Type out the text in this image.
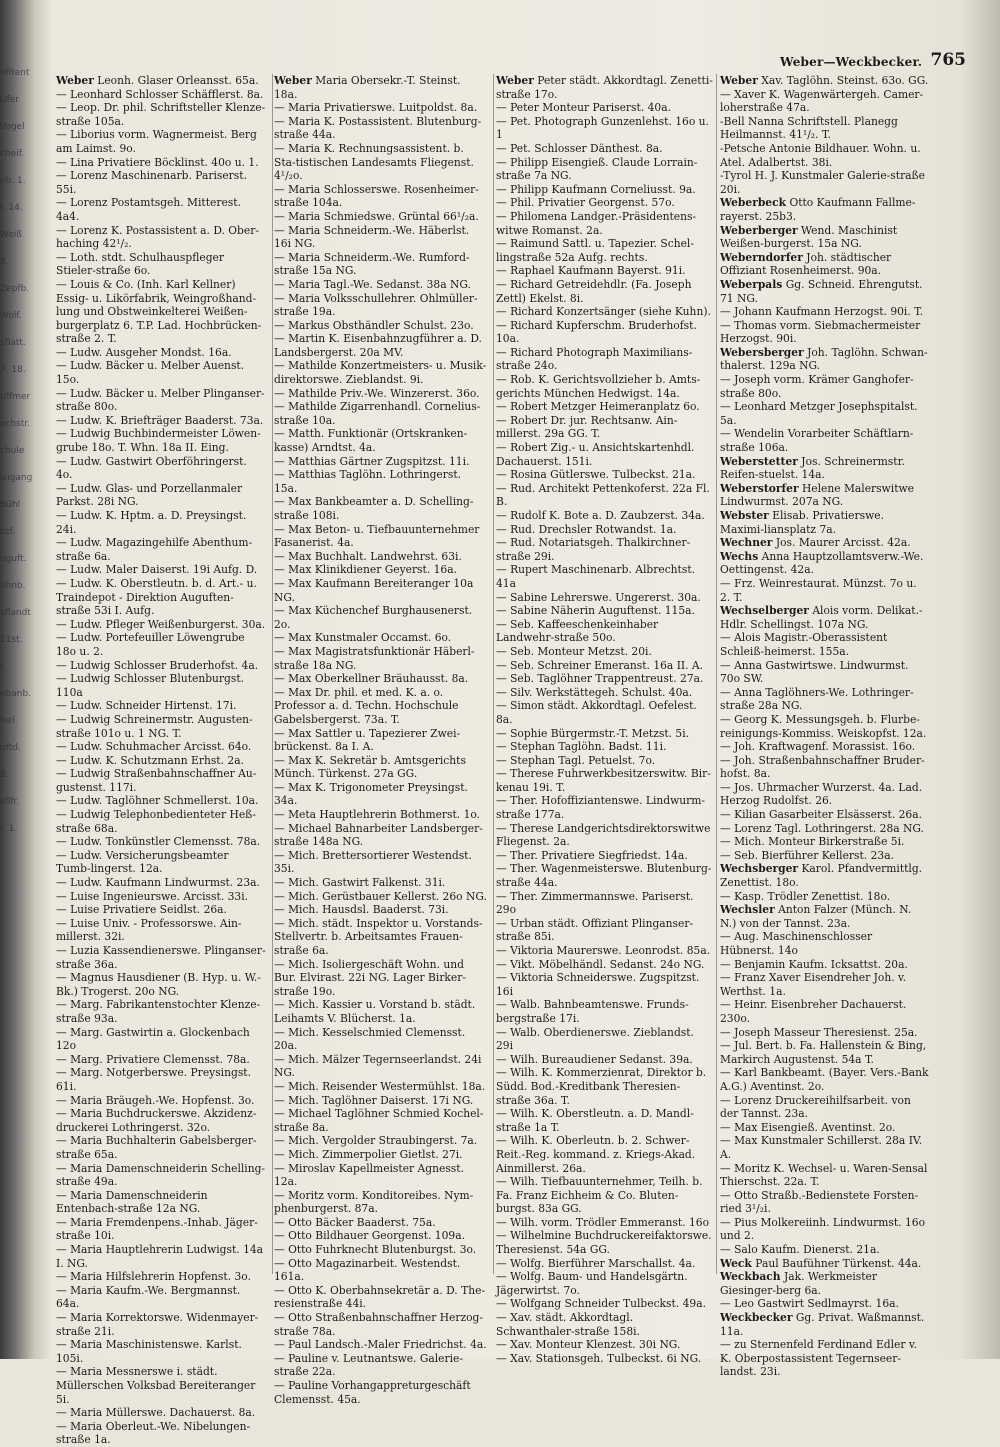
ofitent
Ufer
Vogel
cheif.
eb. 1.
I. 14.
Weiß
8.
Zepfb.
Wolf.
sflatt.
7. 18.
Ulfmer
ochstr.
chule
isigang
Bühl
zzf.
uguft.
ahnb.
sflandt
11st.
I.
ebanb.
frei.
uftd.
8.
sflfr.
r. 1.
Weber—Weckbecker. 765

Weber Leonh. Glaser Orleansst. 65a.

— Leonhard Schlosser Schäfflerst. 8a.

— Leop. Dr. phil. Schriftsteller Klenze-straße 105a.

— Liborius vorm. Wagnermeist. Berg am Laimst. 9o.

— Lina Privatiere Böcklinst. 40o u. 1.

— Lorenz Maschinenarb. Pariserst. 55i.

— Lorenz Postamtsgeh. Mitterest. 4a4.

— Lorenz K. Postassistent a. D. Ober-haching 42¹/₂.

— Loth. stdt. Schulhauspfleger Stieler-straße 6o.

— Louis & Co. (Inh. Karl Kellner) Essig- u. Likörfabrik, Weingroßhand-lung und Obstweinkelterei Weißen-burgerplatz 6. T.P. Lad. Hochbrücken-straße 2. T.

— Ludw. Ausgeher Mondst. 16a.

— Ludw. Bäcker u. Melber Auenst. 15o.

— Ludw. Bäcker u. Melber Plinganser-straße 80o.

— Ludw. K. Briefträger Baaderst. 73a.

— Ludwig Buchbindermeister Löwen-grube 18o. T. Whn. 18a II. Eing.

— Ludw. Gastwirt Oberföhringerst. 4o.

— Ludw. Glas- und Porzellanmaler Parkst. 28i NG.

— Ludw. K. Hptm. a. D. Preysingst. 24i.

— Ludw. Magazingehilfe Abenthum-straße 6a.

— Ludw. Maler Daiserst. 19i Aufg. D.

— Ludw. K. Oberstleutn. b. d. Art.- u. Traindepot - Direktion Auguften-straße 53i I. Aufg.

— Ludw. Pfleger Weißenburgerst. 30a.

— Ludw. Portefeuiller Löwengrube 18o u. 2.

— Ludwig Schlosser Bruderhofst. 4a.

— Ludwig Schlosser Blutenburgst. 110a

— Ludw. Schneider Hirtenst. 17i.

— Ludwig Schreinermstr. Augusten-straße 101o u. 1 NG. T.

— Ludw. Schuhmacher Arcisst. 64o.

— Ludw. K. Schutzmann Erhst. 2a.

— Ludwig Straßenbahnschaffner Au-gustenst. 117i.

— Ludw. Taglöhner Schmellerst. 10a.

— Ludwig Telephonbedienteter Heß-straße 68a.

— Ludw. Tonkünstler Clemensst. 78a.

— Ludw. Versicherungsbeamter Tumb-lingerst. 12a.

— Ludw. Kaufmann Lindwurmst. 23a.

— Luise Ingenieurswe. Arcisst. 33i.

— Luise Privatiere Seidlst. 26a.

— Luise Univ. - Professorswe. Ain-millerst. 32i.

— Luzia Kassendienerswe. Plinganser-straße 36a.

— Magnus Hausdiener (B. Hyp. u. W.-Bk.) Trogerst. 20o NG.

— Marg. Fabrikantenstochter Klenze-straße 93a.

— Marg. Gastwirtin a. Glockenbach 12o

— Marg. Privatiere Clemensst. 78a.

— Marg. Notgerberswe. Preysingst. 61i.

— Maria Bräugeh.-We. Hopfenst. 3o.

— Maria Buchdruckerswe. Akzidenz-druckerei Lothringerst. 32o.

— Maria Buchhalterin Gabelsberger-straße 65a.

— Maria Damenschneiderin Schelling-straße 49a.

— Maria Damenschneiderin Entenbach-straße 12a NG.

— Maria Fremdenpens.-Inhab. Jäger-straße 10i.

— Maria Hauptlehrerin Ludwigst. 14a I. NG.

— Maria Hilfslehrerin Hopfenst. 3o.

— Maria Kaufm.-We. Bergmannst. 64a.

— Maria Korrektorswe. Widenmayer-straße 21i.

— Maria Maschinistenswe. Karlst. 105i.

— Maria Messnerswe i. städt. Müllerschen Volksbad Bereiteranger 5i.

— Maria Müllerswe. Dachauerst. 8a.

— Maria Oberleut.-We. Nibelungen-straße 1a.

Weber Maria Obersekr.-T. Steinst. 18a.

— Maria Privatierswe. Luitpoldst. 8a.

— Maria K. Postassistent. Blutenburg-straße 44a.

— Maria K. Rechnungsassistent. b. Sta-tistischen Landesamts Fliegenst. 4¹/₂o.

— Maria Schlosserswe. Rosenheimer-straße 104a.

— Maria Schmiedswe. Grüntal 66¹/₂a.

— Maria Schneiderm.-We. Häberlst. 16i NG.

— Maria Schneiderm.-We. Rumford-straße 15a NG.

— Maria Tagl.-We. Sedanst. 38a NG.

— Maria Volksschullehrer. Ohlmüller-straße 19a.

— Markus Obsthändler Schulst. 23o.

— Martin K. Eisenbahnzugführer a. D. Landsbergerst. 20a MV.

— Mathilde Konzertmeisters- u. Musik-direktorswe. Zieblandst. 9i.

— Mathilde Priv.-We. Winzererst. 36o.

— Mathilde Zigarrenhandl. Cornelius-straße 10a.

— Matth. Funktionär (Ortskranken-kasse) Arndtst. 4a.

— Matthias Gärtner Zugspitzst. 11i.

— Matthias Taglöhn. Lothringerst. 15a.

— Max Bankbeamter a. D. Schelling-straße 108i.

— Max Beton- u. Tiefbauunternehmer Fasanerist. 4a.

— Max Buchhalt. Landwehrst. 63i.

— Max Klinikdiener Geyerst. 16a.

— Max Kaufmann Bereiteranger 10a NG.

— Max Küchenchef Burghausenerst. 2o.

— Max Kunstmaler Occamst. 6o.

— Max Magistratsfunktionär Häberl-straße 18a NG.

— Max Oberkellner Bräuhausst. 8a.

— Max Dr. phil. et med. K. a. o. Professor a. d. Techn. Hochschule Gabelsbergerst. 73a. T.

— Max Sattler u. Tapezierer Zwei-brückenst. 8a I. A.

— Max K. Sekretär b. Amtsgerichts Münch. Türkenst. 27a GG.

— Max K. Trigonometer Preysingst. 34a.

— Meta Hauptlehrerin Bothmerst. 1o.

— Michael Bahnarbeiter Landsberger-straße 148a NG.

— Mich. Brettersortierer Westendst. 35i.

— Mich. Gastwirt Falkenst. 31i.

— Mich. Gerüstbauer Kellerst. 26o NG.

— Mich. Hausdsl. Baaderst. 73i.

— Mich. städt. Inspektor u. Vorstands-Stellvertr. b. Arbeitsamtes Frauen-straße 6a.

— Mich. Isoliergeschäft Wohn. und Bur. Elvirast. 22i NG. Lager Birker-straße 19o.

— Mich. Kassier u. Vorstand b. städt. Leihamts V. Blücherst. 1a.

— Mich. Kesselschmied Clemensst. 20a.

— Mich. Mälzer Tegernseerlandst. 24i NG.

— Mich. Reisender Westermühlst. 18a.

— Mich. Taglöhner Daiserst. 17i NG.

— Michael Taglöhner Schmied Kochel-straße 8a.

— Mich. Vergolder Straubingerst. 7a.

— Mich. Zimmerpolier Gietlst. 27i.

— Miroslav Kapellmeister Agnesst. 12a.

— Moritz vorm. Konditoreibes. Nym-phenburgerst. 87a.

— Otto Bäcker Baaderst. 75a.

— Otto Bildhauer Georgenst. 109a.

— Otto Fuhrknecht Blutenburgst. 3o.

— Otto Magazinarbeit. Westendst. 161a.

— Otto K. Oberbahnsekretär a. D. The-resienstraße 44i.

— Otto Straßenbahnschaffner Herzog-straße 78a.

— Paul Landsch.-Maler Friedrichst. 4a.

— Pauline v. Leutnantswe. Galerie-straße 22a.

— Pauline Vorhangappreturgeschäft Clemensst. 45a.

Weber Peter städt. Akkordtagl. Zenetti-straße 17o.

— Peter Monteur Pariserst. 40a.

— Pet. Photograph Gunzenlehst. 16o u. 1

— Pet. Schlosser Dänthest. 8a.

— Philipp Eisengieß. Claude Lorrain-straße 7a NG.

— Philipp Kaufmann Corneliusst. 9a.

— Phil. Privatier Georgenst. 57o.

— Philomena Landger.-Präsidentens-witwe Romanst. 2a.

— Raimund Sattl. u. Tapezier. Schel-lingstraße 52a Aufg. rechts.

— Raphael Kaufmann Bayerst. 91i.

— Richard Getreidehdlr. (Fa. Joseph Zettl) Ekelst. 8i.

— Richard Konzertsänger (siehe Kuhn).

— Richard Kupferschm. Bruderhofst. 10a.

— Richard Photograph Maximilians-straße 24o.

— Rob. K. Gerichtsvollzieher b. Amts-gerichts München Hedwigst. 14a.

— Robert Metzger Heimeranplatz 6o.

— Robert Dr. jur. Rechtsanw. Ain-millerst. 29a GG. T.

— Robert Zig.- u. Ansichtskartenhdl. Dachauerst. 151i.

— Rosina Gütlerswe. Tulbeckst. 21a.

— Rud. Architekt Pettenkoferst. 22a Fl. B.

— Rudolf K. Bote a. D. Zaubzerst. 34a.

— Rud. Drechsler Rotwandst. 1a.

— Rud. Notariatsgeh. Thalkirchner-straße 29i.

— Rupert Maschinenarb. Albrechtst. 41a

— Sabine Lehrerswe. Ungererst. 30a.

— Sabine Näherin Auguftenst. 115a.

— Seb. Kaffeeschenkeinhaber Landwehr-straße 50o.

— Seb. Monteur Metzst. 20i.

— Seb. Schreiner Emeranst. 16a II. A.

— Seb. Taglöhner Trappentreust. 27a.

— Silv. Werkstättegeh. Schulst. 40a.

— Simon städt. Akkordtagl. Oefelest. 8a.

— Sophie Bürgermstr.-T. Metzst. 5i.

— Stephan Taglöhn. Badst. 11i.

— Stephan Tagl. Petuelst. 7o.

— Therese Fuhrwerkbesitzerswitw. Bir-kenau 19i. T.

— Ther. Hofoffiziantenswe. Lindwurm-straße 177a.

— Therese Landgerichtsdirektorswitwe Fliegenst. 2a.

— Ther. Privatiere Siegfriedst. 14a.

— Ther. Wagenmeisterswe. Blutenburg-straße 44a.

— Ther. Zimmermannswe. Pariserst. 29o

— Urban städt. Offiziant Plinganser-straße 85i.

— Viktoria Maurerswe. Leonrodst. 85a.

— Vikt. Möbelhändl. Sedanst. 24o NG.

— Viktoria Schneiderswe. Zugspitzst. 16i

— Walb. Bahnbeamtenswe. Frunds-bergstraße 17i.

— Walb. Oberdienerswe. Zieblandst. 29i

— Wilh. Bureaudiener Sedanst. 39a.

— Wilh. K. Kommerzienrat, Direktor b. Südd. Bod.-Kreditbank Theresien-straße 36a. T.

— Wilh. K. Oberstleutn. a. D. Mandl-straße 1a T.

— Wilh. K. Oberleutn. b. 2. Schwer-Reit.-Reg. kommand. z. Kriegs-Akad. Ainmillerst. 26a.

— Wilh. Tiefbauunternehmer, Teilh. b. Fa. Franz Eichheim & Co. Bluten-burgst. 83a GG.

— Wilh. vorm. Trödler Emmeranst. 16o

— Wilhelmine Buchdruckereifaktorswe. Theresienst. 54a GG.

— Wolfg. Bierführer Marschallst. 4a.

— Wolfg. Baum- und Handelsgärtn. Jägerwirtst. 7o.

— Wolfgang Schneider Tulbeckst. 49a.

— Xav. städt. Akkordtagl. Schwanthaler-straße 158i.

— Xav. Monteur Klenzest. 30i NG.

— Xav. Stationsgeh. Tulbeckst. 6i NG.

Weber Xav. Taglöhn. Steinst. 63o. GG.

— Xaver K. Wagenwärtergeh. Camer-loherstraße 47a.

-Bell Nanna Schriftstell. Planegg Heilmannst. 41¹/₂. T.

-Petsche Antonie Bildhauer. Wohn. u. Atel. Adalbertst. 38i.

-Tyrol H. J. Kunstmaler Galerie-straße 20i.

Weberbeck Otto Kaufmann Fallme-rayerst. 25b3.

Weberberger Wend. Maschinist Weißen-burgerst. 15a NG.

Weberndorfer Joh. städtischer Offiziant Rosenheimerst. 90a.

Weberpals Gg. Schneid. Ehrengutst. 71 NG.

— Johann Kaufmann Herzogst. 90i. T.

— Thomas vorm. Siebmachermeister Herzogst. 90i.

Webersberger Joh. Taglöhn. Schwan-thalerst. 129a NG.

— Joseph vorm. Krämer Ganghofer-straße 80o.

— Leonhard Metzger Josephspitalst. 5a.

— Wendelin Vorarbeiter Schäftlarn-straße 106a.

Weberstetter Jos. Schreinermstr. Reifen-stuelst. 14a.

Weberstorfer Helene Malerswitwe Lindwurmst. 207a NG.

Webster Elisab. Privatierswe. Maximi-liansplatz 7a.

Wechner Jos. Maurer Arcisst. 42a.

Wechs Anna Hauptzollamtsverw.-We. Oettingenst. 42a.

— Frz. Weinrestaurat. Münzst. 7o u. 2. T.

Wechselberger Alois vorm. Delikat.-Hdlr. Schellingst. 107a NG.

— Alois Magistr.-Oberassistent Schleiß-heimerst. 155a.

— Anna Gastwirtswe. Lindwurmst. 70o SW.

— Anna Taglöhners-We. Lothringer-straße 28a NG.

— Georg K. Messungsgeh. b. Flurbe-reinigungs-Kommiss. Weiskopfst. 12a.

— Joh. Kraftwagenf. Morassist. 16o.

— Joh. Straßenbahnschaffner Bruder-hofst. 8a.

— Jos. Uhrmacher Wurzerst. 4a. Lad. Herzog Rudolfst. 26.

— Kilian Gasarbeiter Elsässerst. 26a.

— Lorenz Tagl. Lothringerst. 28a NG.

— Mich. Monteur Birkerstraße 5i.

— Seb. Bierführer Kellerst. 23a.

Wechsberger Karol. Pfandvermittlg. Zenettist. 18o.

— Kasp. Trödler Zenettist. 18o.

Wechsler Anton Falzer (Münch. N. N.) von der Tannst. 23a.

— Aug. Maschinenschlosser Hübnerst. 14o

— Benjamin Kaufm. Icksattst. 20a.

— Franz Xaver Eisendreher Joh. v. Werthst. 1a.

— Heinr. Eisenbreher Dachauerst. 230o.

— Joseph Masseur Theresienst. 25a.

— Jul. Bert. b. Fa. Hallenstein & Bing, Markirch Augustenst. 54a T.

— Karl Bankbeamt. (Bayer. Vers.-Bank A.G.) Aventinst. 2o.

— Lorenz Druckereihilfsarbeit. von der Tannst. 23a.

— Max Eisengieß. Aventinst. 2o.

— Max Kunstmaler Schillerst. 28a IV. A.

— Moritz K. Wechsel- u. Waren-Sensal Thierschst. 22a. T.

— Otto Straßb.-Bedienstete Forsten-ried 3¹/₂i.

— Pius Molkereiinh. Lindwurmst. 16o und 2.

— Salo Kaufm. Dienerst. 21a.

Weck Paul Baufühner Türkenst. 44a.

Weckbach Jak. Werkmeister Giesinger-berg 6a.

— Leo Gastwirt Sedlmayrst. 16a.

Weckbecker Gg. Privat. Waßmannst. 11a.

— zu Sternenfeld Ferdinand Edler v. K. Oberpostassistent Tegernseer-landst. 23i.
